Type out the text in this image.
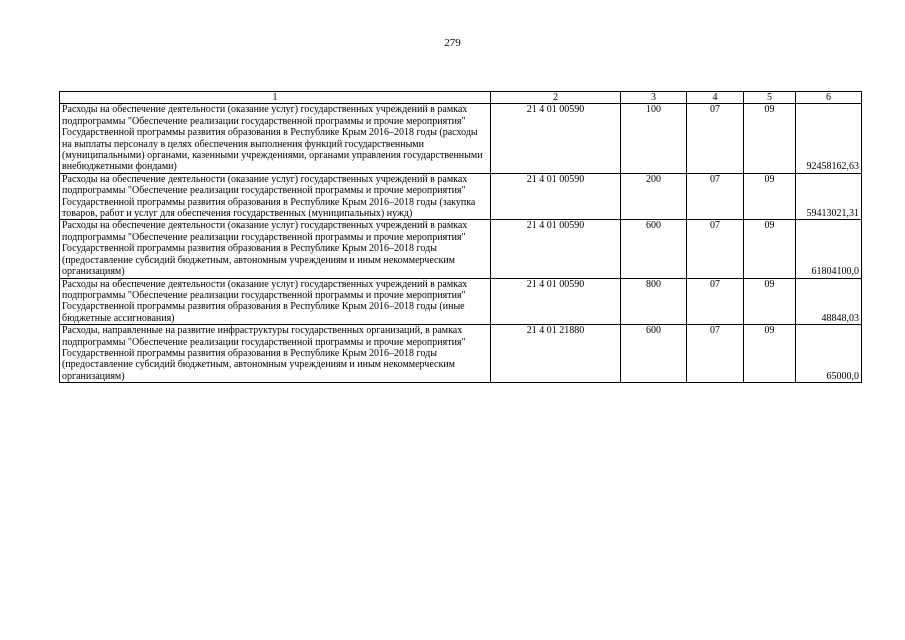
279
1	2	3	4	5	6
Расходы на обеспечение деятельности (оказание услуг) государственных учреждений в рамках подпрограммы "Обеспечение реализации государственной программы и прочие мероприятия" Государственной программы развития образования в Республике Крым 2016–2018 годы (расходы на выплаты персоналу в целях обеспечения выполнения функций государственными (муниципальными) органами, казенными учреждениями, органами управления государственными внебюджетными фондами)	21 4 01 00590	100	07	09	92458162,63
Расходы на обеспечение деятельности (оказание услуг) государственных учреждений в рамках подпрограммы "Обеспечение реализации государственной программы и прочие мероприятия" Государственной программы развития образования в Республике Крым 2016–2018 годы (закупка товаров, работ и услуг для обеспечения государственных (муниципальных) нужд)	21 4 01 00590	200	07	09	59413021,31
Расходы на обеспечение деятельности (оказание услуг) государственных учреждений в рамках подпрограммы "Обеспечение реализации государственной программы и прочие мероприятия" Государственной программы развития образования в Республике Крым 2016–2018 годы (предоставление субсидий бюджетным, автономным учреждениям и иным некоммерческим организациям)	21 4 01 00590	600	07	09	61804100,0
Расходы на обеспечение деятельности (оказание услуг) государственных учреждений в рамках подпрограммы "Обеспечение реализации государственной программы и прочие мероприятия" Государственной программы развития образования в Республике Крым 2016–2018 годы (иные бюджетные ассигнования)	21 4 01 00590	800	07	09	48848,03
Расходы, направленные на развитие инфраструктуры государственных организаций, в рамках подпрограммы "Обеспечение реализации государственной программы и прочие мероприятия" Государственной программы развития образования в Республике Крым 2016–2018 годы (предоставление субсидий бюджетным, автономным учреждениям и иным некоммерческим организациям)	21 4 01 21880	600	07	09	65000,0
